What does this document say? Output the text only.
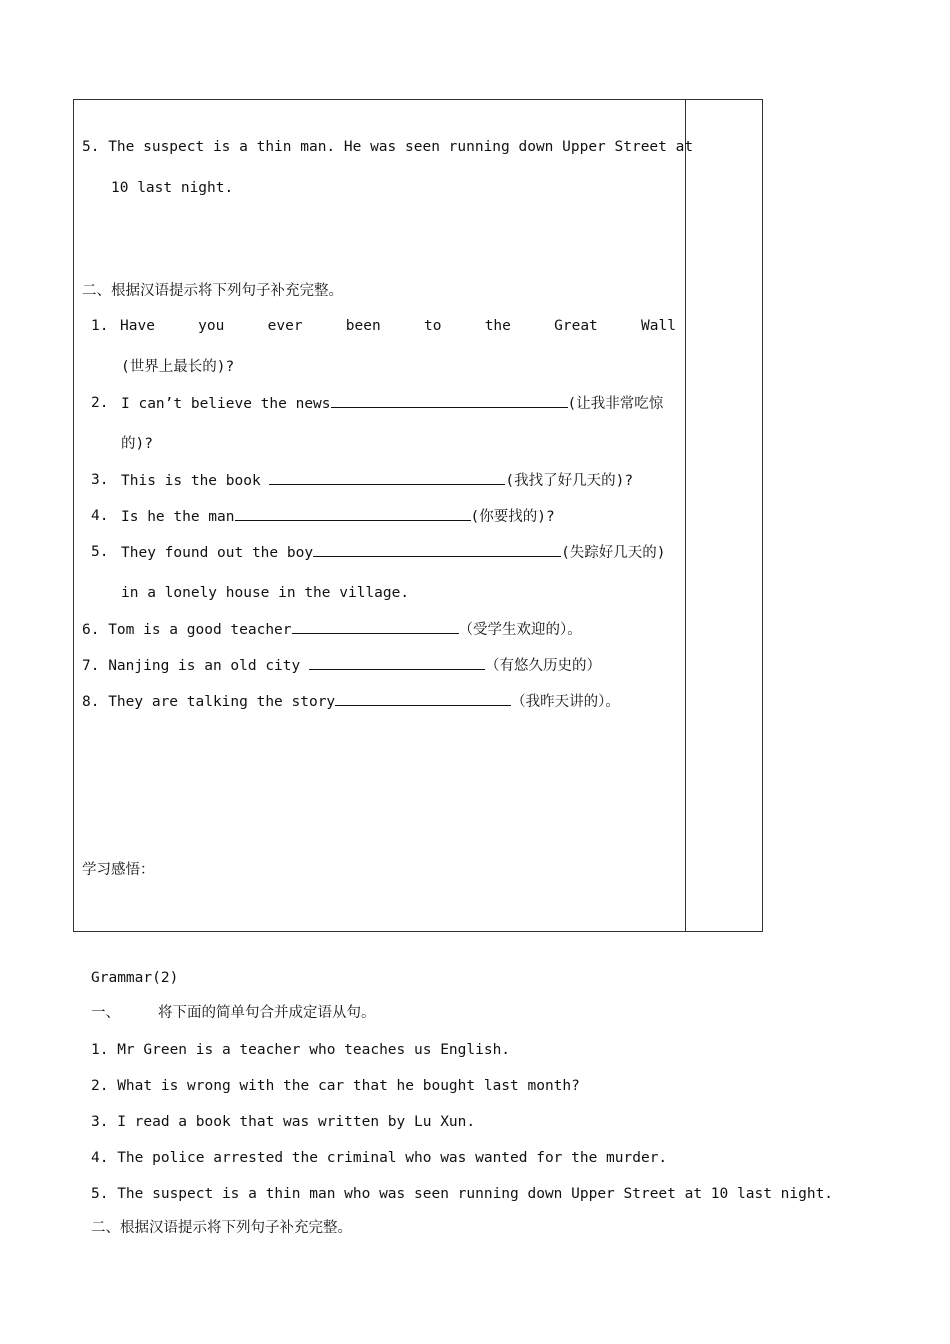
5. The suspect is a thin man. He was seen running down Upper Street at
10 last night.
二、根据汉语提示将下列句子补充完整。
1. Have	you	ever	been	to	the	Great	Wall
(世界上最长的)?
2. I can’t believe the news	(让我非常吃惊
的)?
3. This is the book	(我找了好几天的)?
4. Is he the man	(你要找的)?
5. They found out the boy	(失踪好几天的)
in a lonely house in the village.
6. Tom is a good teacher	（受学生欢迎的）。
7. Nanjing is an old city	（有悠久历史的）
8. They are talking the story	（我昨天讲的）。
学习感悟：
Grammar(2)
一、	将下面的简单句合并成定语从句。
1. Mr Green is a teacher who teaches us English.
2. What is wrong with the car that he bought last month?
3. I read a book that was written by Lu Xun.
4. The police arrested the criminal who was wanted for the murder.
5. The suspect is a thin man who was seen running down Upper Street at 10 last night.
二、根据汉语提示将下列句子补充完整。
